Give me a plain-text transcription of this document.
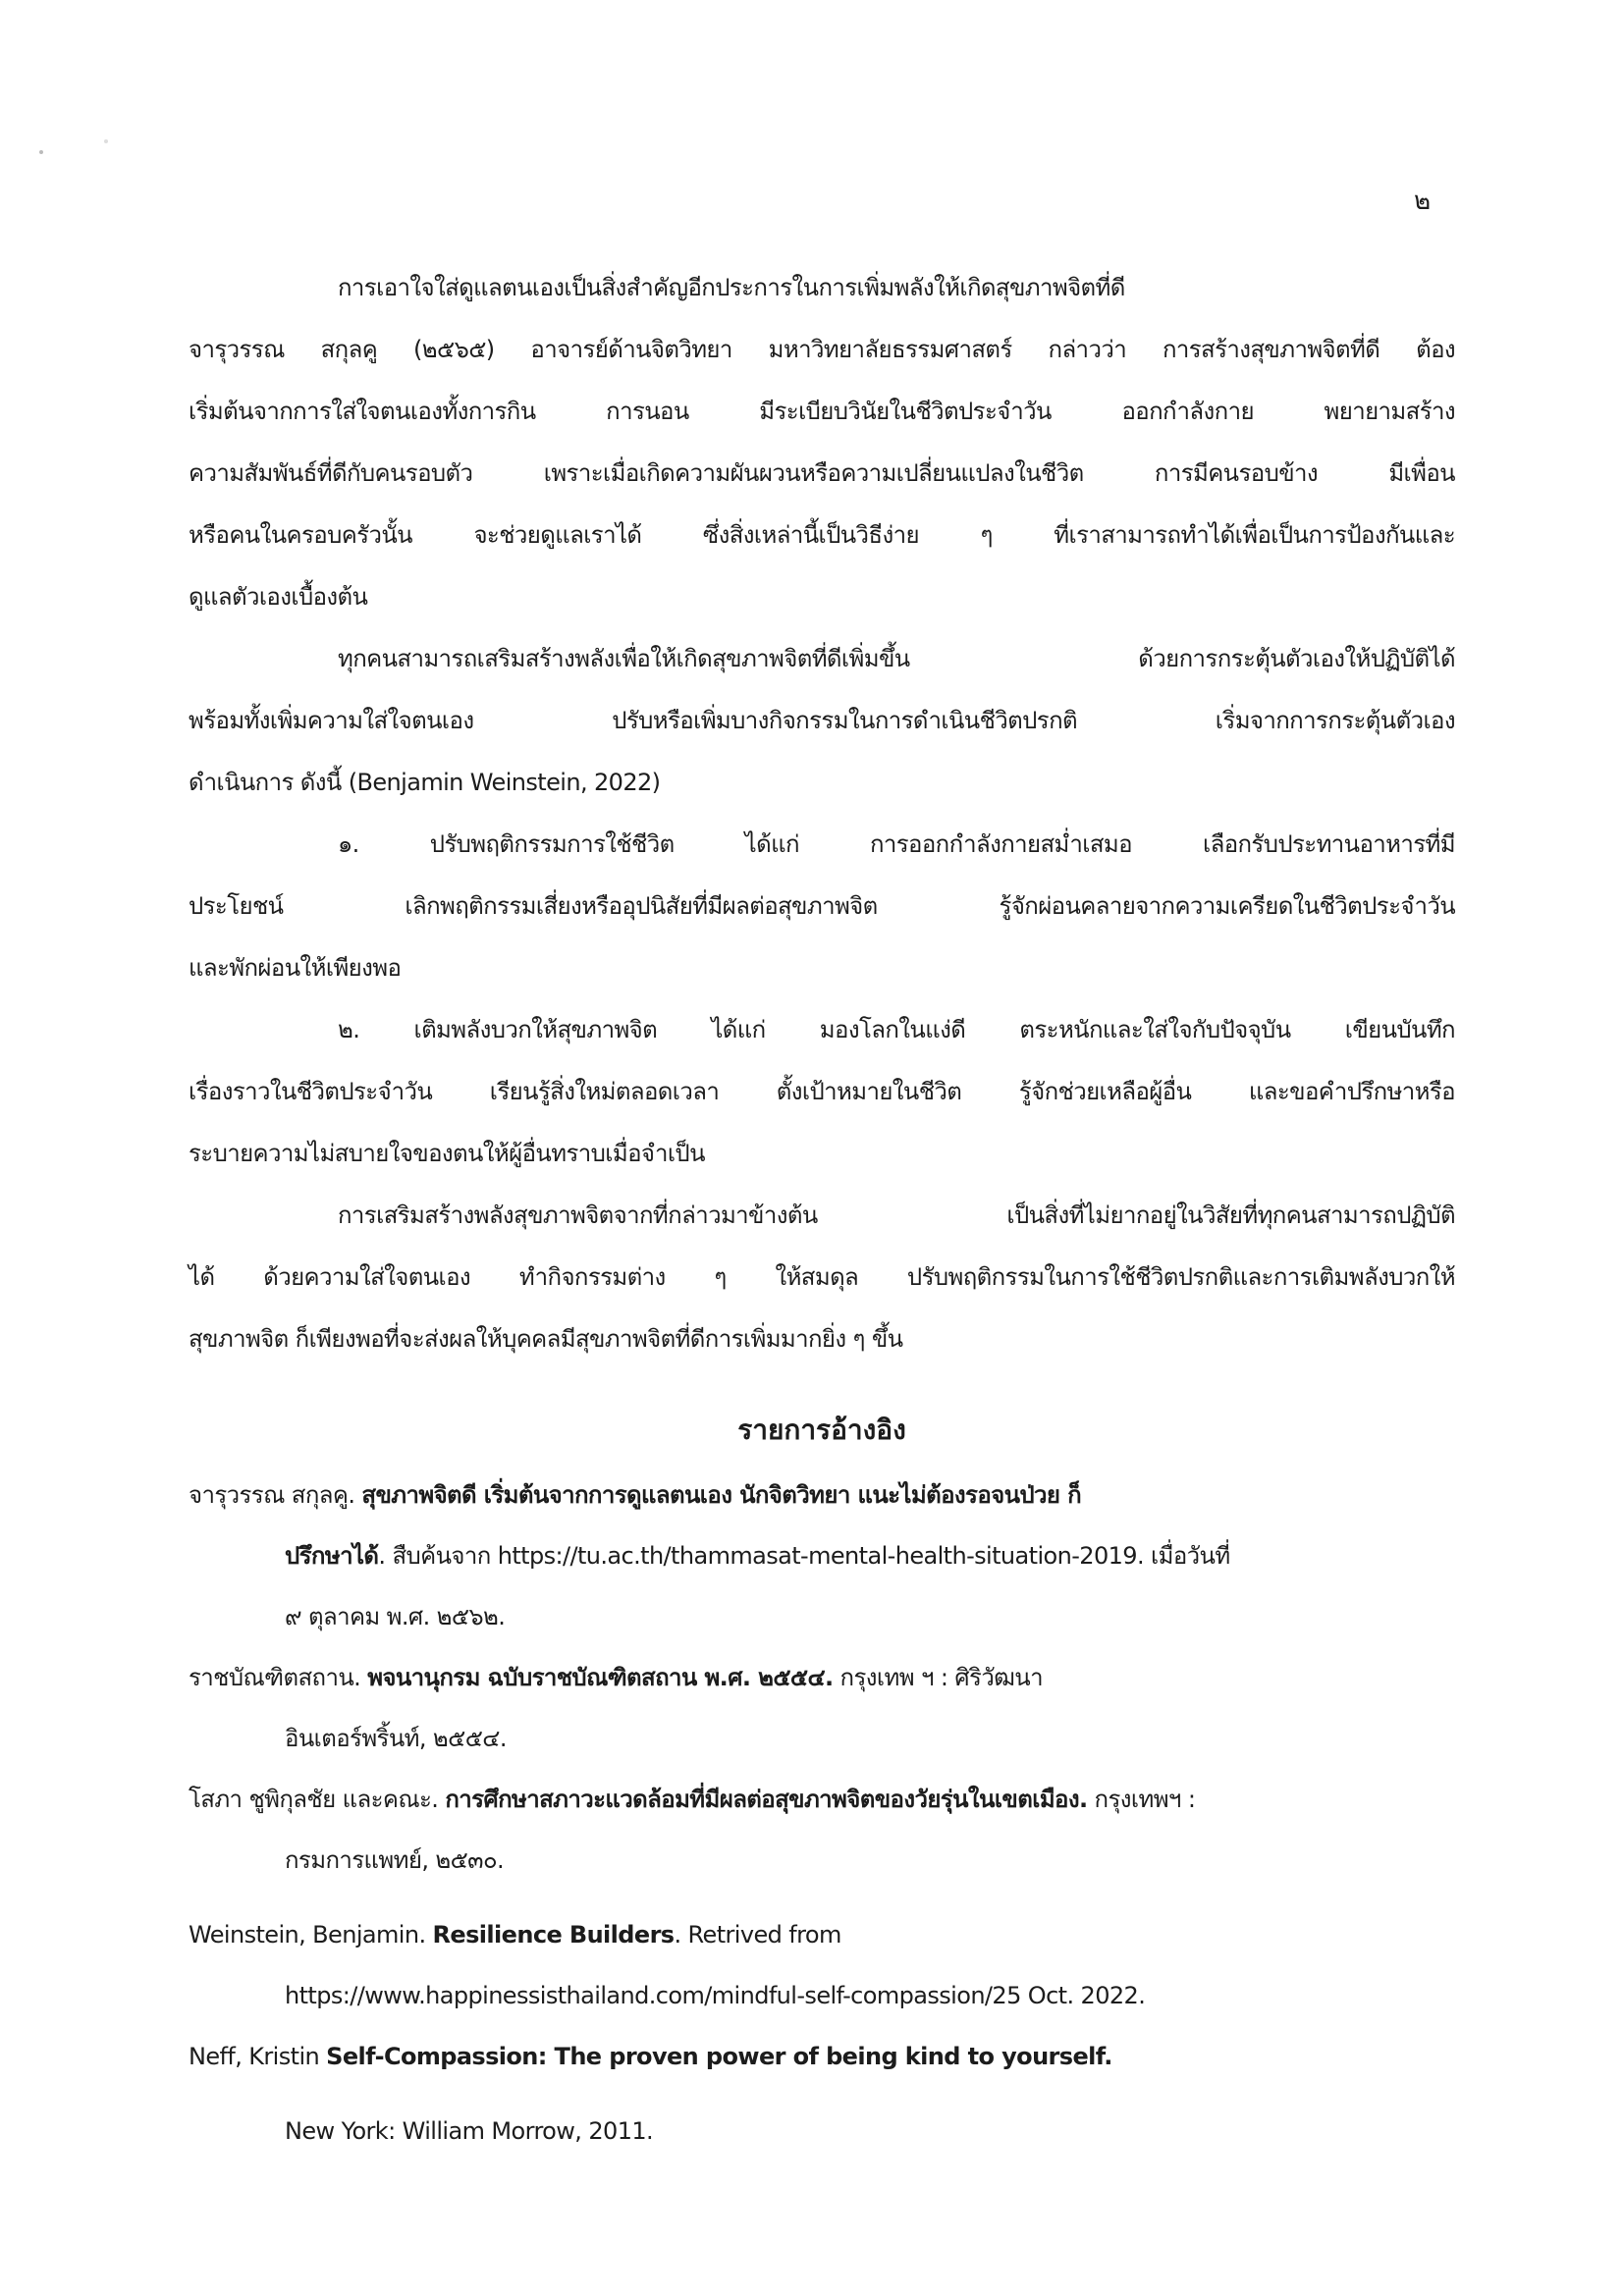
๒
การเอาใจใส่ดูแลตนเองเป็นสิ่งสำคัญอีกประการในการเพิ่มพลังให้เกิดสุขภาพจิตที่ดี
จารุวรรณ สกุลคู (๒๕๖๕) อาจารย์ด้านจิตวิทยา มหาวิทยาลัยธรรมศาสตร์ กล่าวว่า การสร้างสุขภาพจิตที่ดี ต้อง
เริ่มต้นจากการใส่ใจตนเองทั้งการกิน การนอน มีระเบียบวินัยในชีวิตประจำวัน ออกกำลังกาย พยายามสร้าง
ความสัมพันธ์ที่ดีกับคนรอบตัว เพราะเมื่อเกิดความผันผวนหรือความเปลี่ยนแปลงในชีวิต การมีคนรอบข้าง มีเพื่อน
หรือคนในครอบครัวนั้น จะช่วยดูแลเราได้ ซึ่งสิ่งเหล่านี้เป็นวิธีง่าย ๆ ที่เราสามารถทำได้เพื่อเป็นการป้องกันและ
ดูแลตัวเองเบื้องต้น
ทุกคนสามารถเสริมสร้างพลังเพื่อให้เกิดสุขภาพจิตที่ดีเพิ่มขึ้น ด้วยการกระตุ้นตัวเองให้ปฏิบัติได้
พร้อมทั้งเพิ่มความใส่ใจตนเอง ปรับหรือเพิ่มบางกิจกรรมในการดำเนินชีวิตปรกติ เริ่มจากการกระตุ้นตัวเอง
ดำเนินการ ดังนี้ (Benjamin Weinstein, 2022)
๑. ปรับพฤติกรรมการใช้ชีวิต ได้แก่ การออกกำลังกายสม่ำเสมอ เลือกรับประทานอาหารที่มี
ประโยชน์ เลิกพฤติกรรมเสี่ยงหรืออุปนิสัยที่มีผลต่อสุขภาพจิต รู้จักผ่อนคลายจากความเครียดในชีวิตประจำวัน
และพักผ่อนให้เพียงพอ
๒. เติมพลังบวกให้สุขภาพจิต ได้แก่ มองโลกในแง่ดี ตระหนักและใส่ใจกับปัจจุบัน เขียนบันทึก
เรื่องราวในชีวิตประจำวัน เรียนรู้สิ่งใหม่ตลอดเวลา ตั้งเป้าหมายในชีวิต รู้จักช่วยเหลือผู้อื่น และขอคำปรึกษาหรือ
ระบายความไม่สบายใจของตนให้ผู้อื่นทราบเมื่อจำเป็น
การเสริมสร้างพลังสุขภาพจิตจากที่กล่าวมาข้างต้น เป็นสิ่งที่ไม่ยากอยู่ในวิสัยที่ทุกคนสามารถปฏิบัติ
ได้ ด้วยความใส่ใจตนเอง ทำกิจกรรมต่าง ๆ ให้สมดุล ปรับพฤติกรรมในการใช้ชีวิตปรกติและการเติมพลังบวกให้
สุขภาพจิต ก็เพียงพอที่จะส่งผลให้บุคคลมีสุขภาพจิตที่ดีการเพิ่มมากยิ่ง ๆ ขึ้น
รายการอ้างอิง
จารุวรรณ สกุลคู. สุขภาพจิตดี เริ่มต้นจากการดูแลตนเอง นักจิตวิทยา แนะไม่ต้องรอจนป่วย ก็
ปรึกษาได้. สืบค้นจาก https://tu.ac.th/thammasat-mental-health-situation-2019. เมื่อวันที่
๙ ตุลาคม พ.ศ. ๒๕๖๒.
ราชบัณฑิตสถาน. พจนานุกรม ฉบับราชบัณฑิตสถาน พ.ศ. ๒๕๕๔. กรุงเทพ ฯ : ศิริวัฒนา
อินเตอร์พริ้นท์, ๒๕๕๔.
โสภา ชูพิกุลชัย และคณะ. การศึกษาสภาวะแวดล้อมที่มีผลต่อสุขภาพจิตของวัยรุ่นในเขตเมือง. กรุงเทพฯ :
กรมการแพทย์, ๒๕๓๐.
Weinstein, Benjamin. Resilience Builders. Retrived from
https://www.happinessisthailand.com/mindful-self-compassion/25 Oct. 2022.
Neff, Kristin Self-Compassion: The proven power of being kind to yourself.
New York: William Morrow, 2011.
